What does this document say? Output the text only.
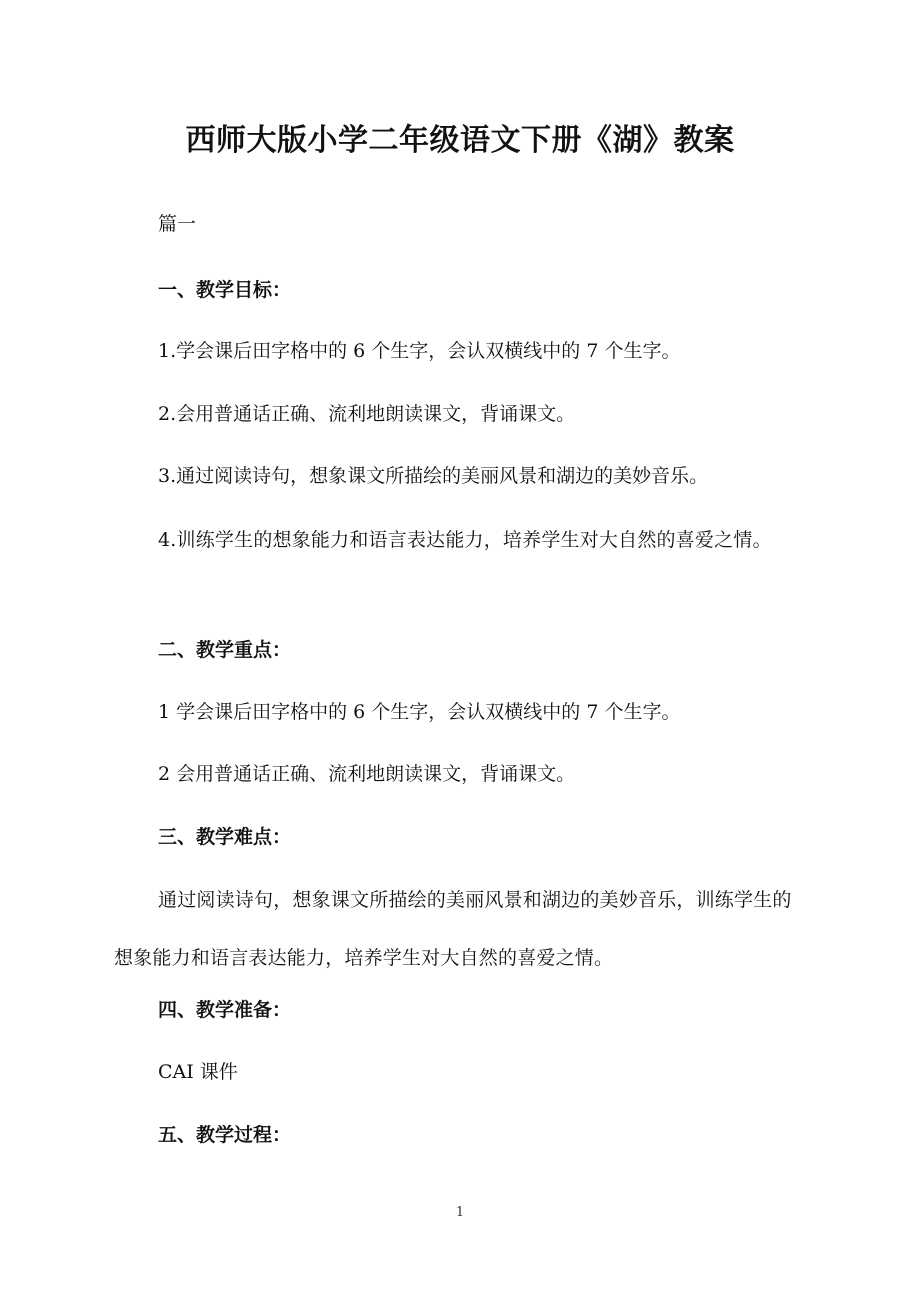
西师大版小学二年级语文下册《湖》教案
篇一
一、教学目标：
1.学会课后田字格中的 6 个生字，会认双横线中的 7 个生字。
2.会用普通话正确、流利地朗读课文，背诵课文。
3.通过阅读诗句，想象课文所描绘的美丽风景和湖边的美妙音乐。
4.训练学生的想象能力和语言表达能力，培养学生对大自然的喜爱之情。
二、教学重点：
1 学会课后田字格中的 6 个生字，会认双横线中的 7 个生字。
2 会用普通话正确、流利地朗读课文，背诵课文。
三、教学难点：
通过阅读诗句，想象课文所描绘的美丽风景和湖边的美妙音乐，训练学生的想象能力和语言表达能力，培养学生对大自然的喜爱之情。
四、教学准备：
CAI 课件
五、教学过程：
1
